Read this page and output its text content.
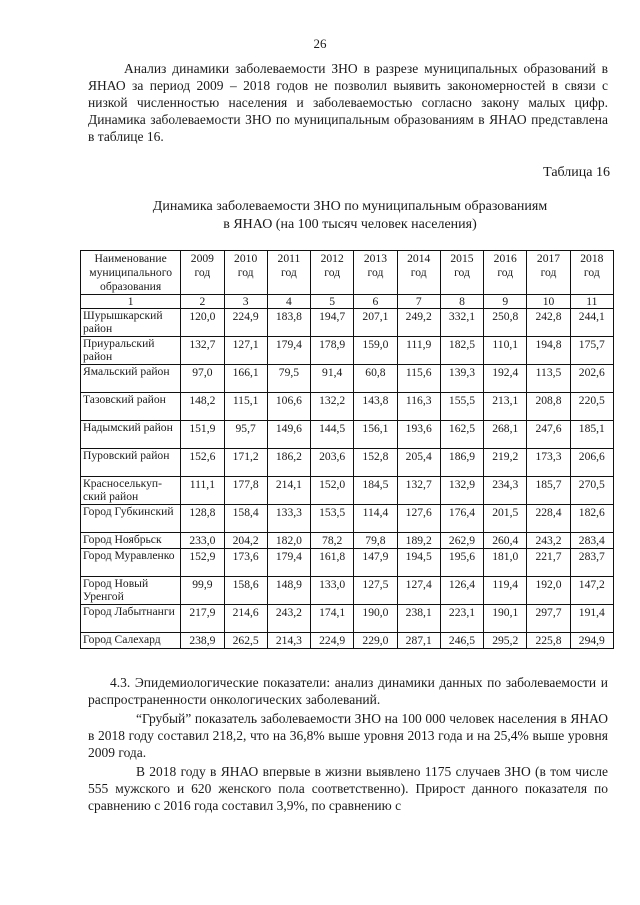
26

Анализ динамики заболеваемости ЗНО в разрезе муниципальных образований в ЯНАО за период 2009 – 2018 годов не позволил выявить закономерностей в связи с низкой численностью населения и заболеваемостью согласно закону малых цифр. Динамика заболеваемости ЗНО по муниципальным образованиям в ЯНАО представлена в таблице 16.

Таблица 16
Динамика заболеваемости ЗНО по муниципальным образованиям
в ЯНАО (на 100 тысяч человек населения)
Наименование муниципального образования	2009 год	2010 год	2011 год	2012 год	2013 год	2014 год	2015 год	2016 год	2017 год	2018 год
1	2	3	4	5	6	7	8	9	10	11
Шурышкарский район	120,0	224,9	183,8	194,7	207,1	249,2	332,1	250,8	242,8	244,1
Приуральский район	132,7	127,1	179,4	178,9	159,0	111,9	182,5	110,1	194,8	175,7
Ямальский район	97,0	166,1	79,5	91,4	60,8	115,6	139,3	192,4	113,5	202,6
Тазовский район	148,2	115,1	106,6	132,2	143,8	116,3	155,5	213,1	208,8	220,5
Надымский район	151,9	95,7	149,6	144,5	156,1	193,6	162,5	268,1	247,6	185,1
Пуровский район	152,6	171,2	186,2	203,6	152,8	205,4	186,9	219,2	173,3	206,6
Красноселькуп-ский район	111,1	177,8	214,1	152,0	184,5	132,7	132,9	234,3	185,7	270,5
Город Губкинский	128,8	158,4	133,3	153,5	114,4	127,6	176,4	201,5	228,4	182,6
Город Ноябрьск	233,0	204,2	182,0	78,2	79,8	189,2	262,9	260,4	243,2	283,4
Город Муравленко	152,9	173,6	179,4	161,8	147,9	194,5	195,6	181,0	221,7	283,7
Город Новый Уренгой	99,9	158,6	148,9	133,0	127,5	127,4	126,4	119,4	192,0	147,2
Город Лабытнанги	217,9	214,6	243,2	174,1	190,0	238,1	223,1	190,1	297,7	191,4
Город Салехард	238,9	262,5	214,3	224,9	229,0	287,1	246,5	295,2	225,8	294,9

4.3. Эпидемиологические показатели: анализ динамики данных по заболеваемости и распространенности онкологических заболеваний.

“Грубый” показатель заболеваемости ЗНО на 100 000 человек населения в ЯНАО в 2018 году составил 218,2, что на 36,8% выше уровня 2013 года и на 25,4% выше уровня 2009 года.

В 2018 году в ЯНАО впервые в жизни выявлено 1175 случаев ЗНО (в том числе 555 мужского и 620 женского пола соответственно). Прирост данного показателя по сравнению с 2016 года составил 3,9%, по сравнению с
